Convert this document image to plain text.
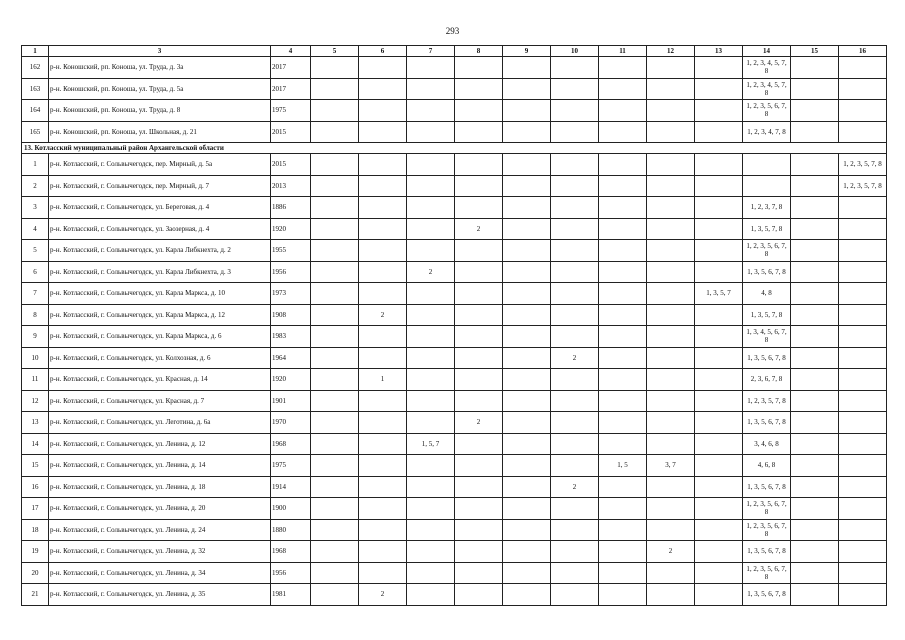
293
1	3	4	5	6	7	8	9	10	11	12	13	14	15	16
162	р-н. Коношский, рп. Коноша, ул. Труда, д. 3а	2017										1, 2, 3, 4, 5, 7, 8		
163	р-н. Коношский, рп. Коноша, ул. Труда, д. 5а	2017										1, 2, 3, 4, 5, 7, 8		
164	р-н. Коношский, рп. Коноша, ул. Труда, д. 8	1975										1, 2, 3, 5, 6, 7, 8		
165	р-н. Коношский, рп. Коноша, ул. Школьная, д. 21	2015										1, 2, 3, 4, 7, 8		
13. Котласский муниципальный район Архангельской области														
1	р-н. Котласский, г. Сольвычегодск, пер. Мирный, д. 5а	2015												1, 2, 3, 5, 7, 8
2	р-н. Котласский, г. Сольвычегодск, пер. Мирный, д. 7	2013												1, 2, 3, 5, 7, 8
3	р-н. Котласский, г. Сольвычегодск, ул. Береговая, д. 4	1886										1, 2, 3, 7, 8		
4	р-н. Котласский, г. Сольвычегодск, ул. Заозерная, д. 4	1920				2						1, 3, 5, 7, 8		
5	р-н. Котласский, г. Сольвычегодск, ул. Карла Либкнехта, д. 2	1955										1, 2, 3, 5, 6, 7, 8		
6	р-н. Котласский, г. Сольвычегодск, ул. Карла Либкнехта, д. 3	1956			2							1, 3, 5, 6, 7, 8		
7	р-н. Котласский, г. Сольвычегодск, ул. Карла Маркса, д. 10	1973									1, 3, 5, 7	4, 8		
8	р-н. Котласский, г. Сольвычегодск, ул. Карла Маркса, д. 12	1908		2								1, 3, 5, 7, 8		
9	р-н. Котласский, г. Сольвычегодск, ул. Карла Маркса, д. 6	1983										1, 3, 4, 5, 6, 7, 8		
10	р-н. Котласский, г. Сольвычегодск, ул. Колхозная, д. 6	1964						2				1, 3, 5, 6, 7, 8		
11	р-н. Котласский, г. Сольвычегодск, ул. Красная, д. 14	1920		1								2, 3, 6, 7, 8		
12	р-н. Котласский, г. Сольвычегодск, ул. Красная, д. 7	1901										1, 2, 3, 5, 7, 8		
13	р-н. Котласский, г. Сольвычегодск, ул. Леготина, д. 6а	1970				2						1, 3, 5, 6, 7, 8		
14	р-н. Котласский, г. Сольвычегодск, ул. Ленина, д. 12	1968			1, 5, 7							3, 4, 6, 8		
15	р-н. Котласский, г. Сольвычегодск, ул. Ленина, д. 14	1975							1, 5	3, 7		4, 6, 8		
16	р-н. Котласский, г. Сольвычегодск, ул. Ленина, д. 18	1914						2				1, 3, 5, 6, 7, 8		
17	р-н. Котласский, г. Сольвычегодск, ул. Ленина, д. 20	1900										1, 2, 3, 5, 6, 7, 8		
18	р-н. Котласский, г. Сольвычегодск, ул. Ленина, д. 24	1880										1, 2, 3, 5, 6, 7, 8		
19	р-н. Котласский, г. Сольвычегодск, ул. Ленина, д. 32	1968								2		1, 3, 5, 6, 7, 8		
20	р-н. Котласский, г. Сольвычегодск, ул. Ленина, д. 34	1956										1, 2, 3, 5, 6, 7, 8		
21	р-н. Котласский, г. Сольвычегодск, ул. Ленина, д. 35	1981		2								1, 3, 5, 6, 7, 8		
